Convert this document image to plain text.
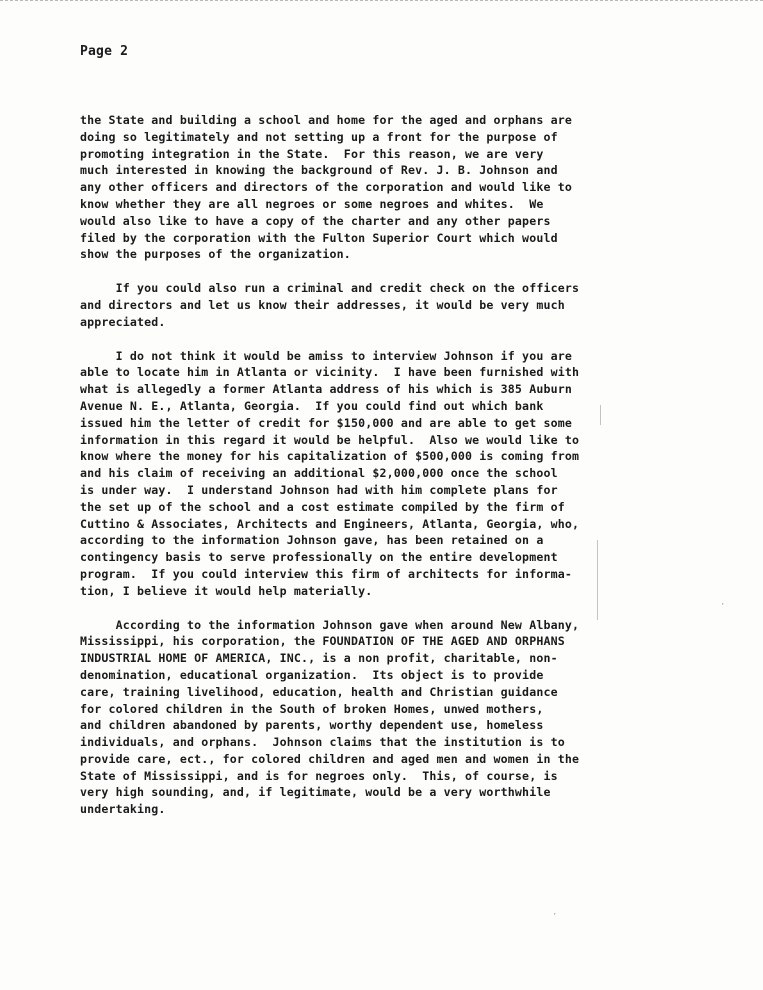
Page 2
the State and building a school and home for the aged and orphans are
doing so legitimately and not setting up a front for the purpose of
promoting integration in the State.  For this reason, we are very
much interested in knowing the background of Rev. J. B. Johnson and
any other officers and directors of the corporation and would like to
know whether they are all negroes or some negroes and whites.  We
would also like to have a copy of the charter and any other papers
filed by the corporation with the Fulton Superior Court which would
show the purposes of the organization.
If you could also run a criminal and credit check on the officers
and directors and let us know their addresses, it would be very much
appreciated.
I do not think it would be amiss to interview Johnson if you are
able to locate him in Atlanta or vicinity.  I have been furnished with
what is allegedly a former Atlanta address of his which is 385 Auburn
Avenue N. E., Atlanta, Georgia.  If you could find out which bank
issued him the letter of credit for $150,000 and are able to get some
information in this regard it would be helpful.  Also we would like to
know where the money for his capitalization of $500,000 is coming from
and his claim of receiving an additional $2,000,000 once the school
is under way.  I understand Johnson had with him complete plans for
the set up of the school and a cost estimate compiled by the firm of
Cuttino & Associates, Architects and Engineers, Atlanta, Georgia, who,
according to the information Johnson gave, has been retained on a
contingency basis to serve professionally on the entire development
program.  If you could interview this firm of architects for informa-
tion, I believe it would help materially.
According to the information Johnson gave when around New Albany,
Mississippi, his corporation, the FOUNDATION OF THE AGED AND ORPHANS
INDUSTRIAL HOME OF AMERICA, INC., is a non profit, charitable, non-
denomination, educational organization.  Its object is to provide
care, training livelihood, education, health and Christian guidance
for colored children in the South of broken Homes, unwed mothers,
and children abandoned by parents, worthy dependent use, homeless
individuals, and orphans.  Johnson claims that the institution is to
provide care, ect., for colored children and aged men and women in the
State of Mississippi, and is for negroes only.  This, of course, is
very high sounding, and, if legitimate, would be a very worthwhile
undertaking.
·
·
